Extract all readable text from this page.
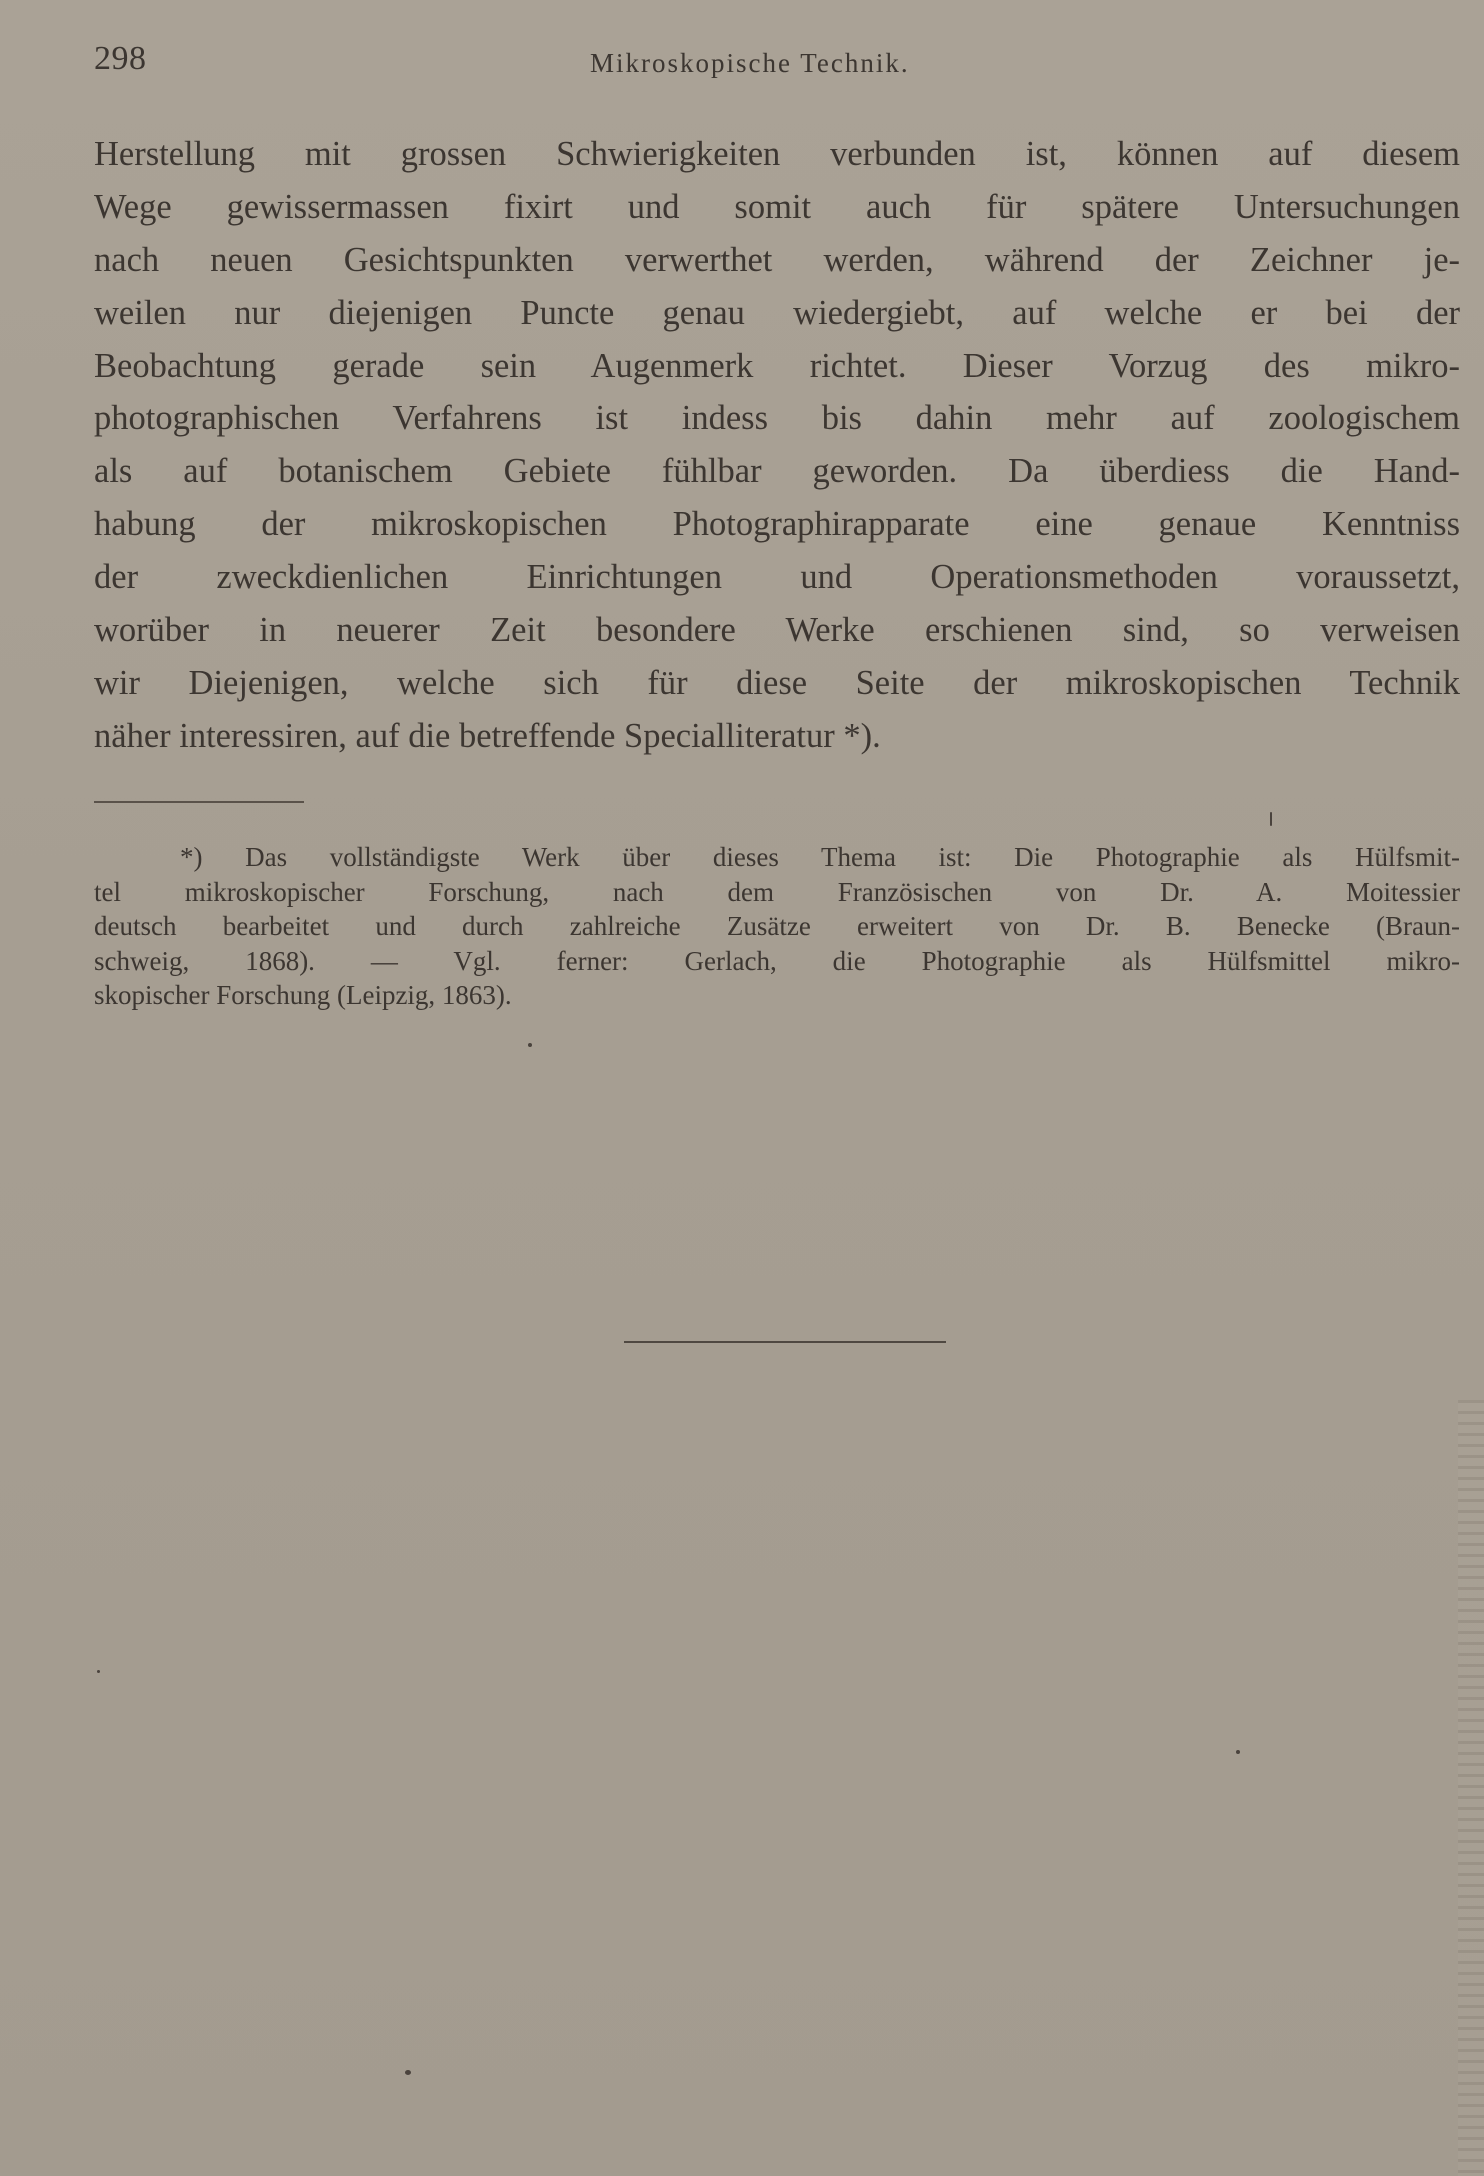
298	Mikroskopische Technik.
Herstellung mit grossen Schwierigkeiten verbunden ist, können auf diesem
Wege gewissermassen fixirt und somit auch für spätere Untersuchungen
nach neuen Gesichtspunkten verwerthet werden, während der Zeichner je-
weilen nur diejenigen Puncte genau wiedergiebt, auf welche er bei der
Beobachtung gerade sein Augenmerk richtet. Dieser Vorzug des mikro-
photographischen Verfahrens ist indess bis dahin mehr auf zoologischem
als auf botanischem Gebiete fühlbar geworden. Da überdiess die Hand-
habung der mikroskopischen Photographirapparate eine genaue Kenntniss
der zweckdienlichen Einrichtungen und Operationsmethoden voraussetzt,
worüber in neuerer Zeit besondere Werke erschienen sind, so verweisen
wir Diejenigen, welche sich für diese Seite der mikroskopischen Technik
näher interessiren, auf die betreffende Specialliteratur *).
*) Das vollständigste Werk über dieses Thema ist: Die Photographie als Hülfsmit-
tel mikroskopischer Forschung, nach dem Französischen von Dr. A. Moitessier
deutsch bearbeitet und durch zahlreiche Zusätze erweitert von Dr. B. Benecke (Braun-
schweig, 1868). — Vgl. ferner: Gerlach, die Photographie als Hülfsmittel mikro-
skopischer Forschung (Leipzig, 1863).
